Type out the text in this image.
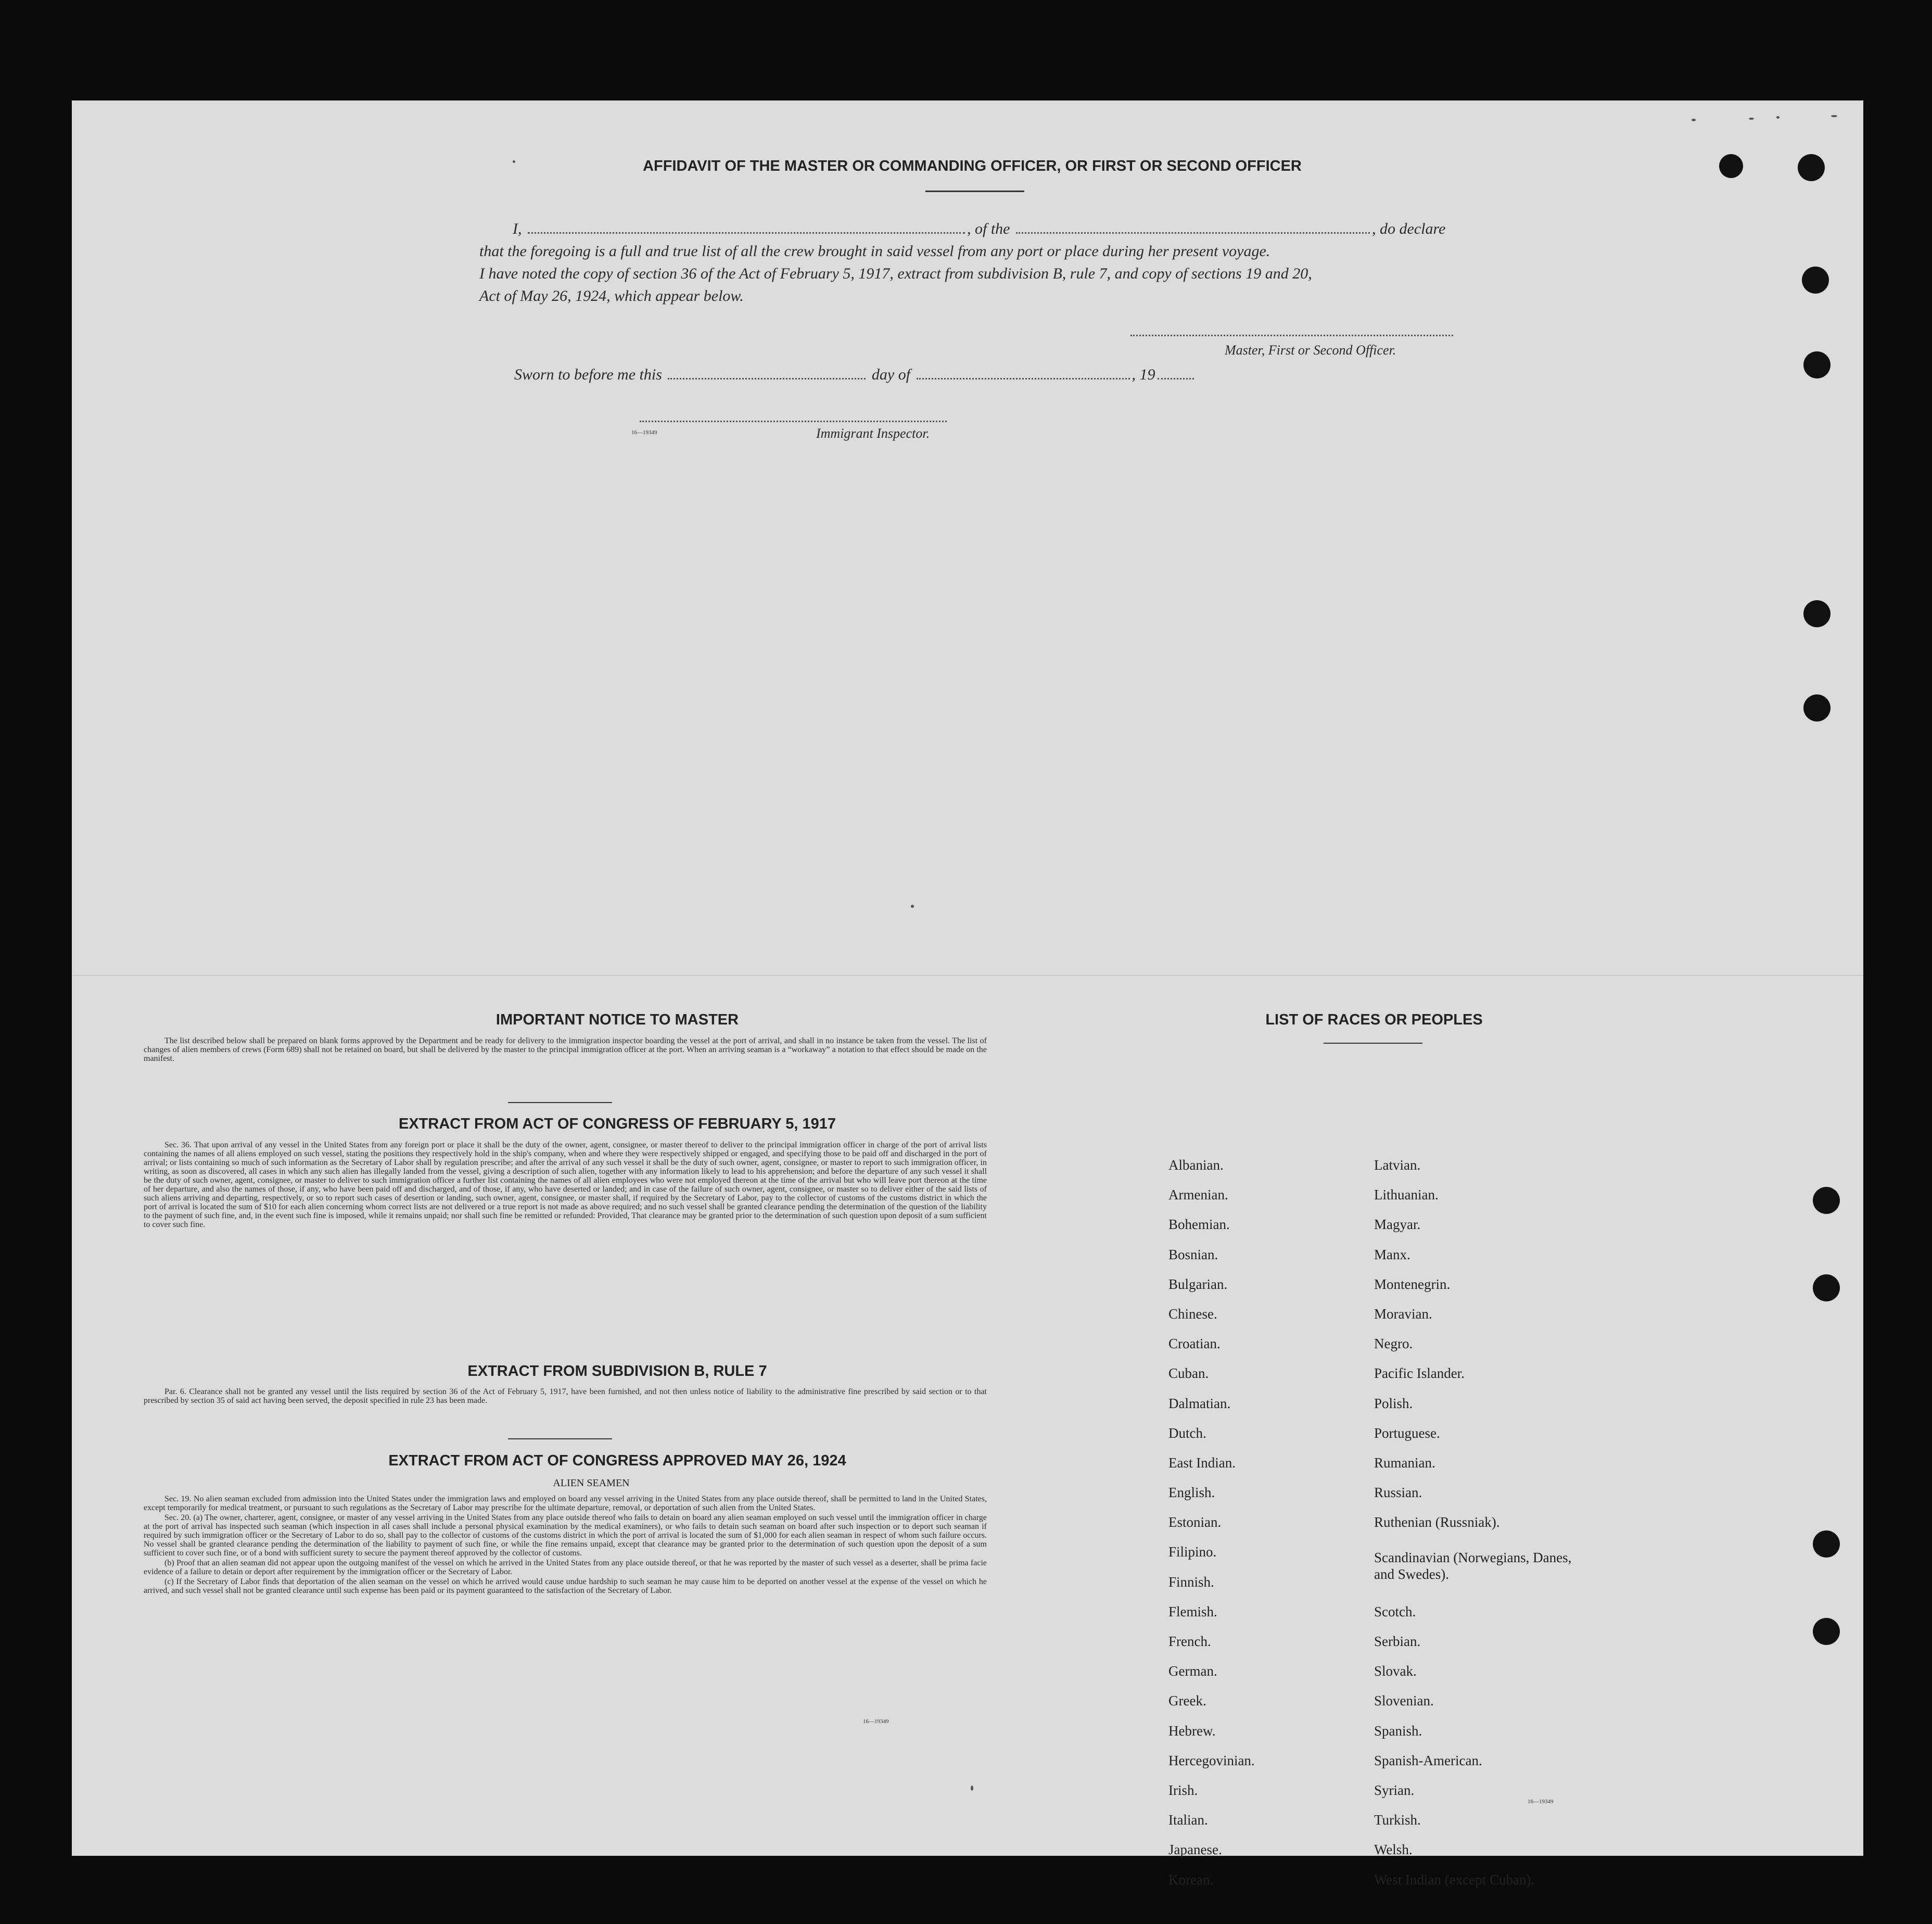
AFFIDAVIT OF THE MASTER OR COMMANDING OFFICER, OR FIRST OR SECOND OFFICER
I,	, of the	, do declare
that the foregoing is a full and true list of all the crew brought in said vessel from any port or place during her present voyage.
I have noted the copy of section 36 of the Act of February 5, 1917, extract from subdivision B, rule 7, and copy of sections 19 and 20,
Act of May 26, 1924, which appear below.
Master, First or Second Officer.
Sworn to before me this	day of	, 19
16—19349	Immigrant Inspector.
IMPORTANT NOTICE TO MASTER

The list described below shall be prepared on blank forms approved by the Department and be ready for delivery to the immigration inspector boarding the vessel at the port of arrival, and shall in no instance be taken from the vessel. The list of changes of alien members of crews (Form 689) shall not be retained on board, but shall be delivered by the master to the principal immigration officer at the port. When an arriving seaman is a “workaway” a notation to that effect should be made on the manifest.

EXTRACT FROM ACT OF CONGRESS OF FEBRUARY 5, 1917

Sec. 36. That upon arrival of any vessel in the United States from any foreign port or place it shall be the duty of the owner, agent, consignee, or master thereof to deliver to the principal immigration officer in charge of the port of arrival lists containing the names of all aliens employed on such vessel, stating the positions they respectively hold in the ship's company, when and where they were respectively shipped or engaged, and specifying those to be paid off and discharged in the port of arrival; or lists containing so much of such information as the Secretary of Labor shall by regulation prescribe; and after the arrival of any such vessel it shall be the duty of such owner, agent, consignee, or master to report to such immigration officer, in writing, as soon as discovered, all cases in which any such alien has illegally landed from the vessel, giving a description of such alien, together with any information likely to lead to his apprehension; and before the departure of any such vessel it shall be the duty of such owner, agent, consignee, or master to deliver to such immigration officer a further list containing the names of all alien employees who were not employed thereon at the time of the arrival but who will leave port thereon at the time of her departure, and also the names of those, if any, who have been paid off and discharged, and of those, if any, who have deserted or landed; and in case of the failure of such owner, agent, consignee, or master so to deliver either of the said lists of such aliens arriving and departing, respectively, or so to report such cases of desertion or landing, such owner, agent, consignee, or master shall, if required by the Secretary of Labor, pay to the collector of customs of the customs district in which the port of arrival is located the sum of $10 for each alien concerning whom correct lists are not delivered or a true report is not made as above required; and no such vessel shall be granted clearance pending the determination of the question of the liability to the payment of such fine, and, in the event such fine is imposed, while it remains unpaid; nor shall such fine be remitted or refunded: Provided, That clearance may be granted prior to the determination of such question upon deposit of a sum sufficient to cover such fine.

EXTRACT FROM SUBDIVISION B, RULE 7

Par. 6. Clearance shall not be granted any vessel until the lists required by section 36 of the Act of February 5, 1917, have been furnished, and not then unless notice of liability to the administrative fine prescribed by said section or to that prescribed by section 35 of said act having been served, the deposit specified in rule 23 has been made.

EXTRACT FROM ACT OF CONGRESS APPROVED MAY 26, 1924
ALIEN SEAMEN

Sec. 19. No alien seaman excluded from admission into the United States under the immigration laws and employed on board any vessel arriving in the United States from any place outside thereof, shall be permitted to land in the United States, except temporarily for medical treatment, or pursuant to such regulations as the Secretary of Labor may prescribe for the ultimate departure, removal, or deportation of such alien from the United States.

Sec. 20. (a) The owner, charterer, agent, consignee, or master of any vessel arriving in the United States from any place outside thereof who fails to detain on board any alien seaman employed on such vessel until the immigration officer in charge at the port of arrival has inspected such seaman (which inspection in all cases shall include a personal physical examination by the medical examiners), or who fails to detain such seaman on board after such inspection or to deport such seaman if required by such immigration officer or the Secretary of Labor to do so, shall pay to the collector of customs of the customs district in which the port of arrival is located the sum of $1,000 for each alien seaman in respect of whom such failure occurs. No vessel shall be granted clearance pending the determination of the liability to payment of such fine, or while the fine remains unpaid, except that clearance may be granted prior to the determination of such question upon the deposit of a sum sufficient to cover such fine, or of a bond with sufficient surety to secure the payment thereof approved by the collector of customs.

(b) Proof that an alien seaman did not appear upon the outgoing manifest of the vessel on which he arrived in the United States from any place outside thereof, or that he was reported by the master of such vessel as a deserter, shall be prima facie evidence of a failure to detain or deport after requirement by the immigration officer or the Secretary of Labor.

(c) If the Secretary of Labor finds that deportation of the alien seaman on the vessel on which he arrived would cause undue hardship to such seaman he may cause him to be deported on another vessel at the expense of the vessel on which he arrived, and such vessel shall not be granted clearance until such expense has been paid or its payment guaranteed to the satisfaction of the Secretary of Labor.

16—19349
LIST OF RACES OR PEOPLES
Albanian.
Armenian.
Bohemian.
Bosnian.
Bulgarian.
Chinese.
Croatian.
Cuban.
Dalmatian.
Dutch.
East Indian.
English.
Estonian.
Filipino.
Finnish.
Flemish.
French.
German.
Greek.
Hebrew.
Hercegovinian.
Irish.
Italian.
Japanese.
Korean.
Latvian.
Lithuanian.
Magyar.
Manx.
Montenegrin.
Moravian.
Negro.
Pacific Islander.
Polish.
Portuguese.
Rumanian.
Russian.
Ruthenian (Russniak).
Scandinavian (Norwegians, Danes, and Swedes).
Scotch.
Serbian.
Slovak.
Slovenian.
Spanish.
Spanish-American.
Syrian.
Turkish.
Welsh.
West Indian (except Cuban).
16—19349
